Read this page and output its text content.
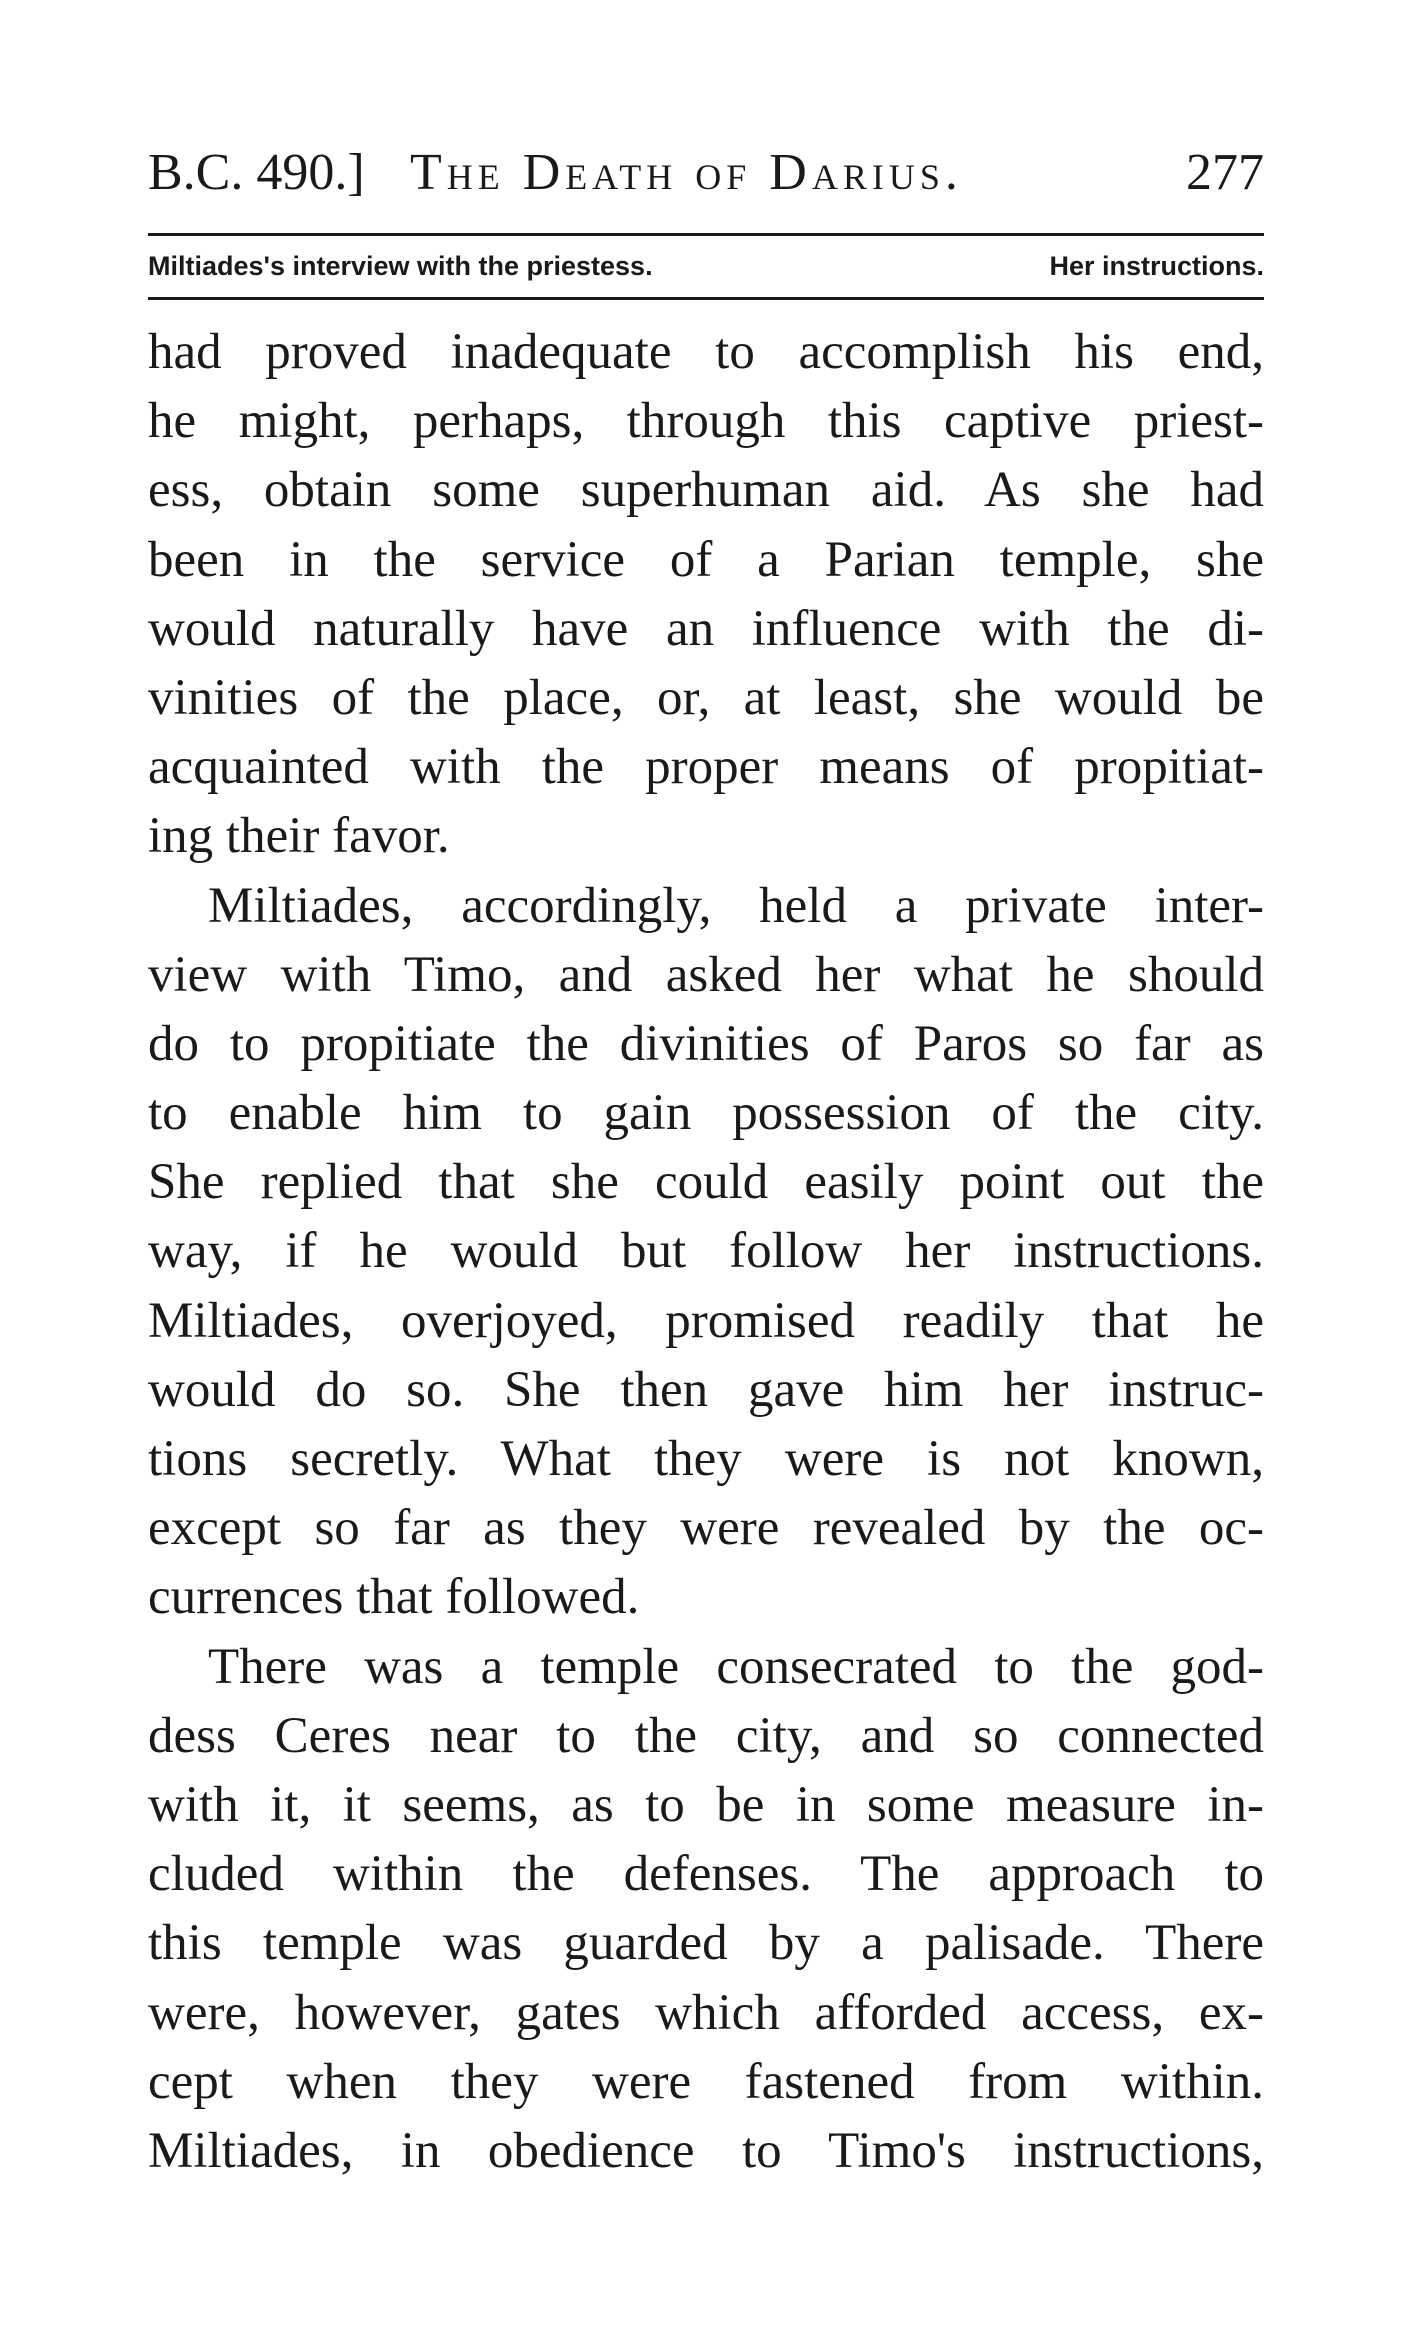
B.C. 490.] The Death of Darius.	277
Miltiades's interview with the priestess.	Her instructions.
had proved inadequate to accomplish his end,
he might, perhaps, through this captive priest-
ess, obtain some superhuman aid. As she had
been in the service of a Parian temple, she
would naturally have an influence with the di-
vinities of the place, or, at least, she would be
acquainted with the proper means of propitiat-
ing their favor.
Miltiades, accordingly, held a private inter-
view with Timo, and asked her what he should
do to propitiate the divinities of Paros so far as
to enable him to gain possession of the city.
She replied that she could easily point out the
way, if he would but follow her instructions.
Miltiades, overjoyed, promised readily that he
would do so. She then gave him her instruc-
tions secretly. What they were is not known,
except so far as they were revealed by the oc-
currences that followed.
There was a temple consecrated to the god-
dess Ceres near to the city, and so connected
with it, it seems, as to be in some measure in-
cluded within the defenses. The approach to
this temple was guarded by a palisade. There
were, however, gates which afforded access, ex-
cept when they were fastened from within.
Miltiades, in obedience to Timo's instructions,
